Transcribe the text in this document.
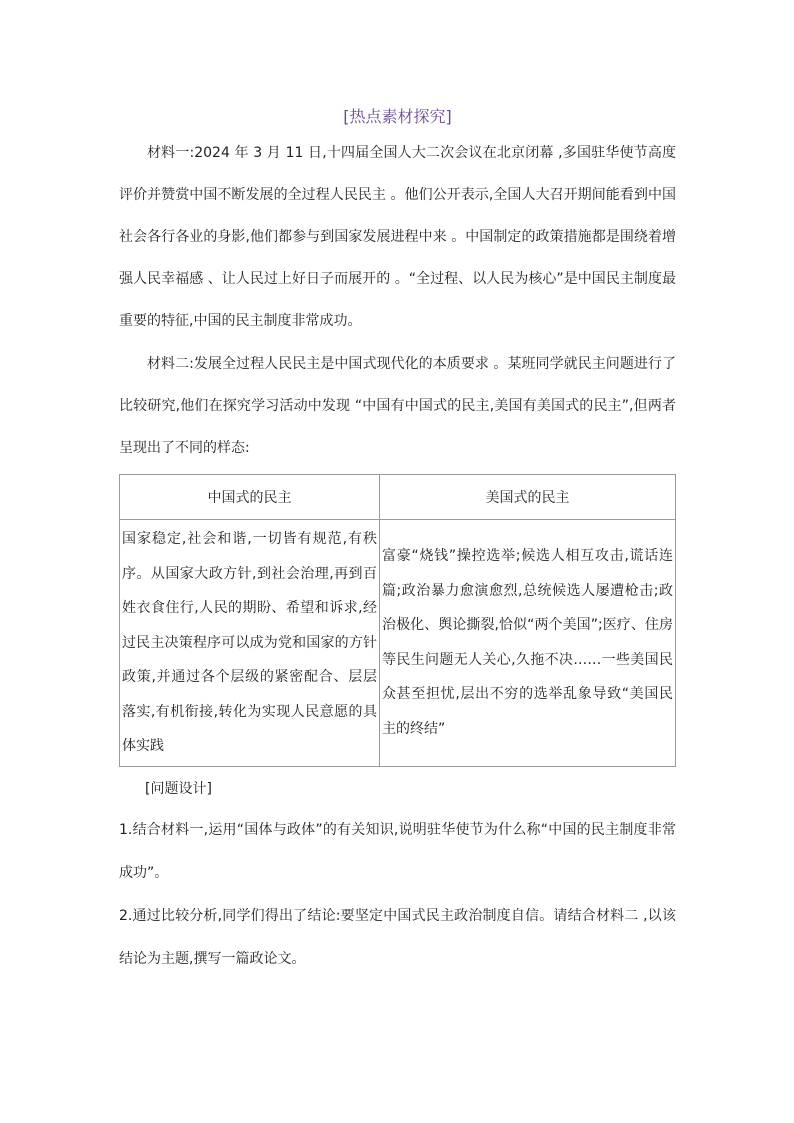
[热点素材探究]

材料一:2024 年 3 月 11 日,十四届全国人大二次会议在北京闭幕 ,多国驻华使节高度评价并赞赏中国不断发展的全过程人民民主 。他们公开表示,全国人大召开期间能看到中国社会各行各业的身影,他们都参与到国家发展进程中来 。中国制定的政策措施都是围绕着增强人民幸福感 、让人民过上好日子而展开的 。“全过程、以人民为核心”是中国民主制度最重要的特征,中国的民主制度非常成功。

材料二:发展全过程人民民主是中国式现代化的本质要求 。某班同学就民主问题进行了比较研究,他们在探究学习活动中发现 “中国有中国式的民主,美国有美国式的民主”,但两者呈现出了不同的样态:

中国式的民主	美国式的民主
国家稳定,社会和谐,一切皆有规范,有秩序。从国家大政方针,到社会治理,再到百姓衣食住行,人民的期盼、希望和诉求,经过民主决策程序可以成为党和国家的方针政策,并通过各个层级的紧密配合、层层落实,有机衔接,转化为实现人民意愿的具体实践	富豪“烧钱”操控选举;候选人相互攻击,谎话连篇;政治暴力愈演愈烈,总统候选人屡遭枪击;政治极化、舆论撕裂,恰似“两个美国”;医疗、住房等民生问题无人关心,久拖不决……一些美国民众甚至担忧,层出不穷的选举乱象导致“美国民主的终结”
[问题设计]

1.结合材料一,运用“国体与政体”的有关知识,说明驻华使节为什么称“中国的民主制度非常成功”。

2.通过比较分析,同学们得出了结论:要坚定中国式民主政治制度自信。请结合材料二 ,以该结论为主题,撰写一篇政论文。
